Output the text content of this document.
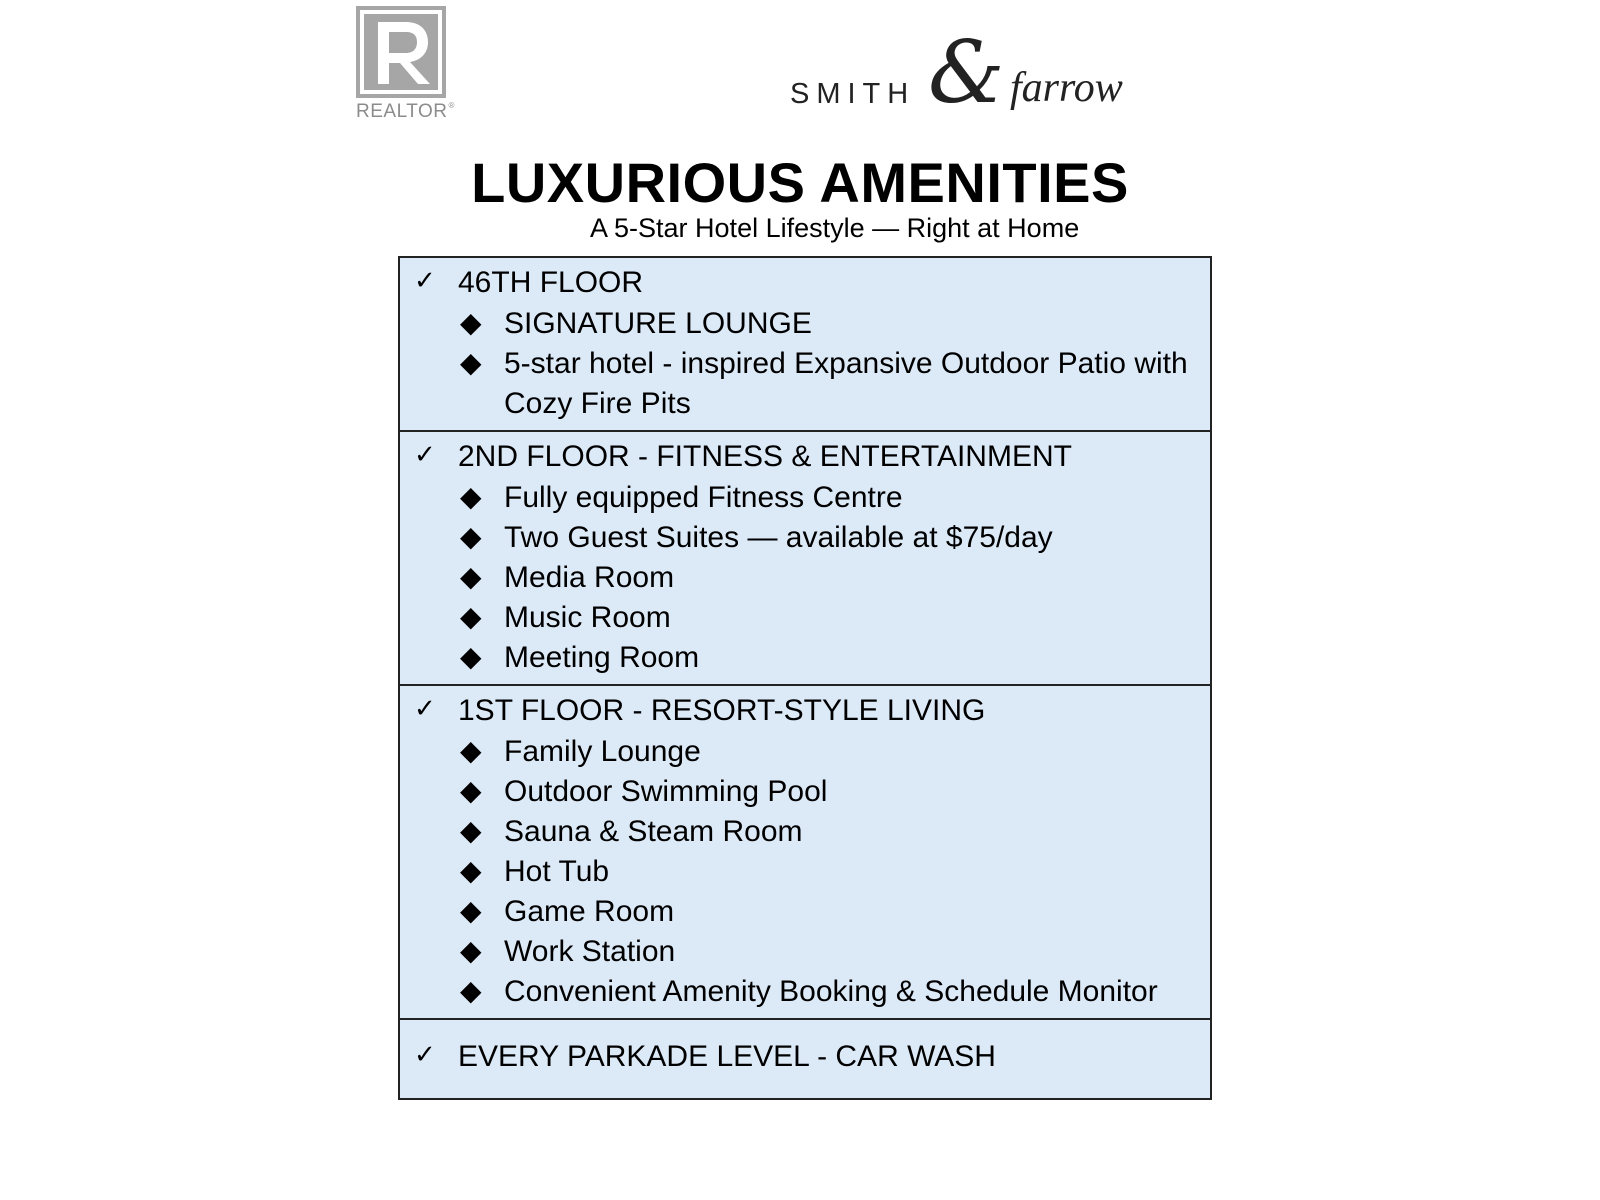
REALTOR®	SMITH & farrow
LUXURIOUS AMENITIES
A 5-Star Hotel Lifestyle — Right at Home
✓ 46TH FLOOR
◆ SIGNATURE LOUNGE
◆ 5-star hotel - inspired Expansive Outdoor Patio with Cozy Fire Pits
✓ 2ND FLOOR - FITNESS & ENTERTAINMENT
◆ Fully equipped Fitness Centre
◆ Two Guest Suites — available at $75/day
◆ Media Room
◆ Music Room
◆ Meeting Room
✓ 1ST FLOOR - RESORT-STYLE LIVING
◆ Family Lounge
◆ Outdoor Swimming Pool
◆ Sauna & Steam Room
◆ Hot Tub
◆ Game Room
◆ Work Station
◆ Convenient Amenity Booking & Schedule Monitor
✓ EVERY PARKADE LEVEL - CAR WASH
